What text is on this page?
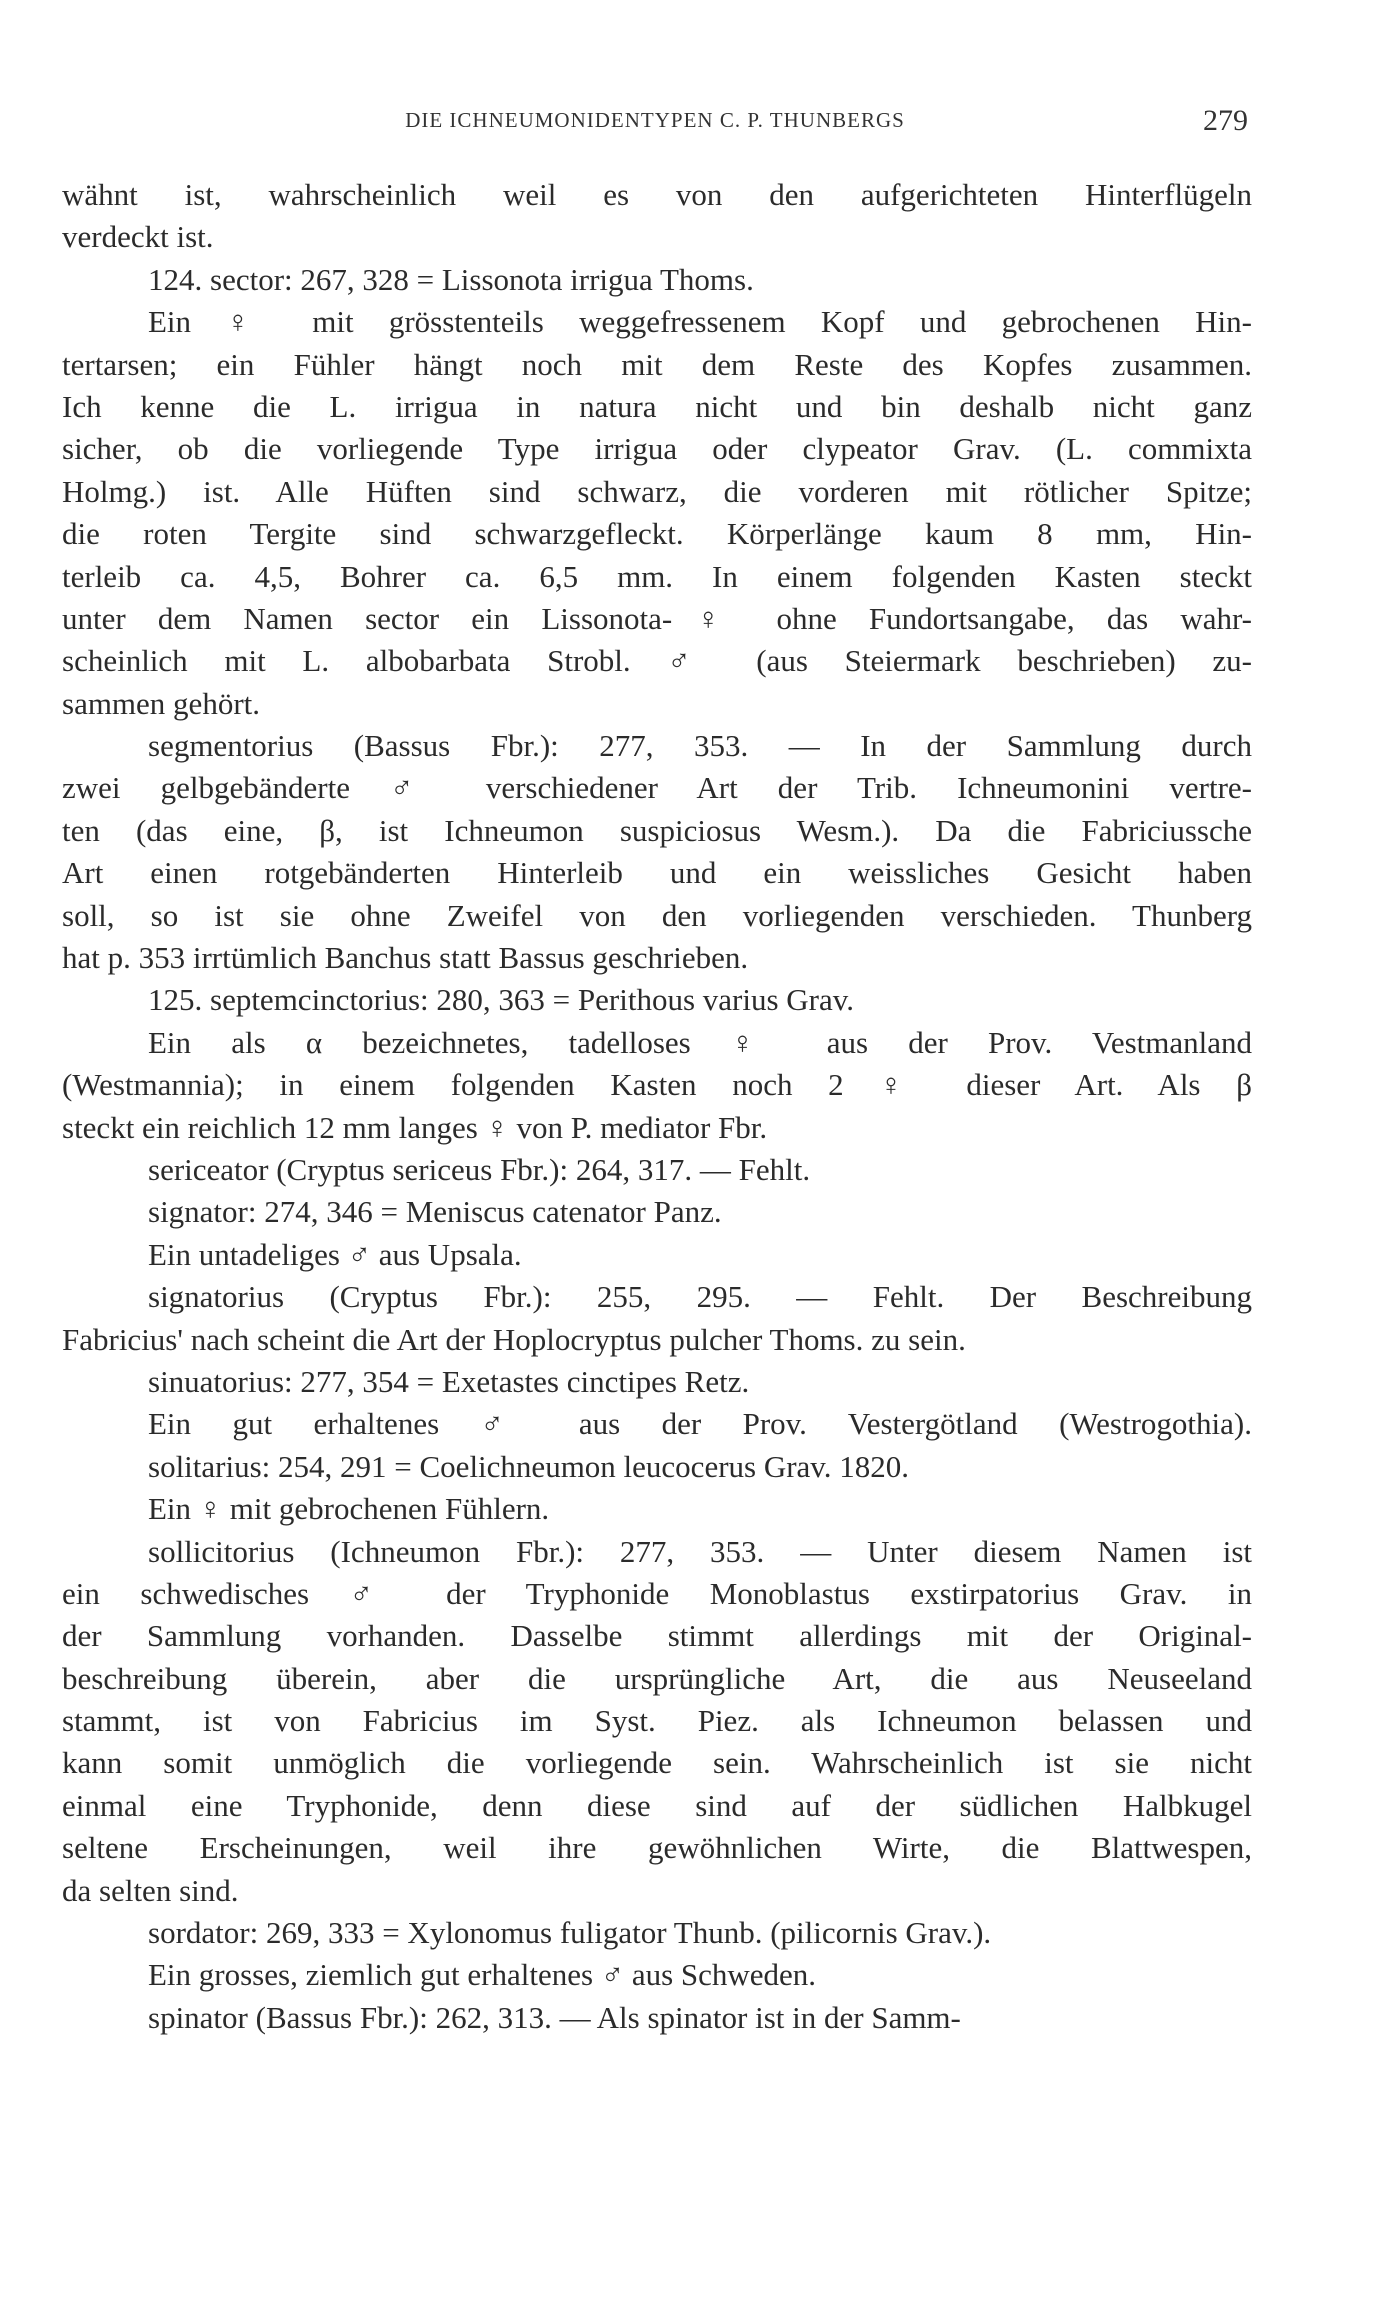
DIE ICHNEUMONIDENTYPEN C. P. THUNBERGS	279
wähnt ist, wahrscheinlich weil es von den aufgerichteten Hinterflügeln
verdeckt ist.
124. sector: 267, 328 = Lissonota irrigua Thoms.
Ein ♀ mit grösstenteils weggefressenem Kopf und gebrochenen Hin-
tertarsen; ein Fühler hängt noch mit dem Reste des Kopfes zusammen.
Ich kenne die L. irrigua in natura nicht und bin deshalb nicht ganz
sicher, ob die vorliegende Type irrigua oder clypeator Grav. (L. commixta
Holmg.) ist. Alle Hüften sind schwarz, die vorderen mit rötlicher Spitze;
die roten Tergite sind schwarzgefleckt. Körperlänge kaum 8 mm, Hin-
terleib ca. 4,5, Bohrer ca. 6,5 mm. In einem folgenden Kasten steckt
unter dem Namen sector ein Lissonota-♀ ohne Fundortsangabe, das wahr-
scheinlich mit L. albobarbata Strobl. ♂ (aus Steiermark beschrieben) zu-
sammen gehört.
segmentorius (Bassus Fbr.): 277, 353. — In der Sammlung durch
zwei gelbgebänderte ♂ verschiedener Art der Trib. Ichneumonini vertre-
ten (das eine, β, ist Ichneumon suspiciosus Wesm.). Da die Fabriciussche
Art einen rotgebänderten Hinterleib und ein weissliches Gesicht haben
soll, so ist sie ohne Zweifel von den vorliegenden verschieden. Thunberg
hat p. 353 irrtümlich Banchus statt Bassus geschrieben.
125. septemcinctorius: 280, 363 = Perithous varius Grav.
Ein als α bezeichnetes, tadelloses ♀ aus der Prov. Vestmanland
(Westmannia); in einem folgenden Kasten noch 2 ♀ dieser Art. Als β
steckt ein reichlich 12 mm langes ♀ von P. mediator Fbr.
sericeator (Cryptus sericeus Fbr.): 264, 317. — Fehlt.
signator: 274, 346 = Meniscus catenator Panz.
Ein untadeliges ♂ aus Upsala.
signatorius (Cryptus Fbr.): 255, 295. — Fehlt. Der Beschreibung
Fabricius' nach scheint die Art der Hoplocryptus pulcher Thoms. zu sein.
sinuatorius: 277, 354 = Exetastes cinctipes Retz.
Ein gut erhaltenes ♂ aus der Prov. Vestergötland (Westrogothia).
solitarius: 254, 291 = Coelichneumon leucocerus Grav. 1820.
Ein ♀ mit gebrochenen Fühlern.
sollicitorius (Ichneumon Fbr.): 277, 353. — Unter diesem Namen ist
ein schwedisches ♂ der Tryphonide Monoblastus exstirpatorius Grav. in
der Sammlung vorhanden. Dasselbe stimmt allerdings mit der Original-
beschreibung überein, aber die ursprüngliche Art, die aus Neuseeland
stammt, ist von Fabricius im Syst. Piez. als Ichneumon belassen und
kann somit unmöglich die vorliegende sein. Wahrscheinlich ist sie nicht
einmal eine Tryphonide, denn diese sind auf der südlichen Halbkugel
seltene Erscheinungen, weil ihre gewöhnlichen Wirte, die Blattwespen,
da selten sind.
sordator: 269, 333 = Xylonomus fuligator Thunb. (pilicornis Grav.).
Ein grosses, ziemlich gut erhaltenes ♂ aus Schweden.
spinator (Bassus Fbr.): 262, 313. — Als spinator ist in der Samm-
